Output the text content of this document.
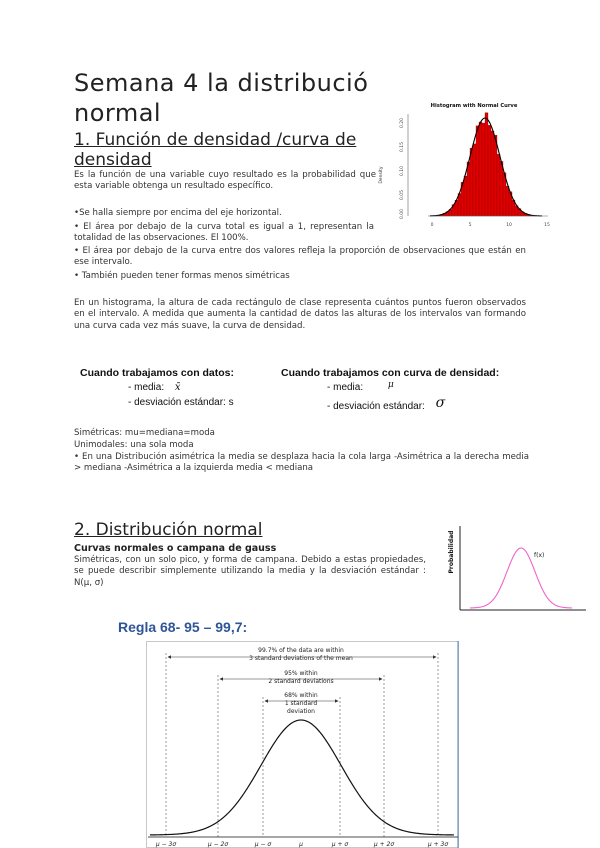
Semana 4 la distribució
normal
1. Función de densidad /curva de
densidad
Es la función de una variable cuyo resultado es la probabilidad que esta variable obtenga un resultado específico.
•Se halla siempre por encima del eje horizontal.
• El área por debajo de la curva total es igual a 1, representan la totalidad de las observaciones. El 100%.
• El área por debajo de la curva entre dos valores refleja la proporción de observaciones que están en ese intervalo.
• También pueden tener formas menos simétricas
En un histograma, la altura de cada rectángulo de clase representa cuántos puntos fueron observados en el intervalo. A medida que aumenta la cantidad de datos las alturas de los intervalos van formando una curva cada vez más suave, la curva de densidad.
Histogram with Normal Curve
Density
0.20
0.15
0.10
0.05
0.00
0	5	10	15
Cuando trabajamos con datos:
- media: x̄
- desviación estándar: s
Cuando trabajamos con curva de densidad:
- media:	μ
- desviación estándar: σ
Simétricas: mu=mediana=moda
Unimodales: una sola moda
• En una Distribución asimétrica la media se desplaza hacia la cola larga -Asimétrica a la derecha media > mediana -Asimétrica a la izquierda media < mediana
2. Distribución normal
Curvas normales o campana de gauss
Simétricas, con un solo pico, y forma de campana. Debido a estas propiedades, se puede describir simplemente utilizando la media y la desviación estándar : N(μ, σ)
Probabilidad	f(x)
Regla 68- 95 – 99,7:
99.7% of the data are within
3 standard deviations of the mean
95% within
2 standard deviations
68% within
1 standard
deviation
μ − 3σ	μ − 2σ	μ − σ	μ	μ + σ	μ + 2σ	μ + 3σ
